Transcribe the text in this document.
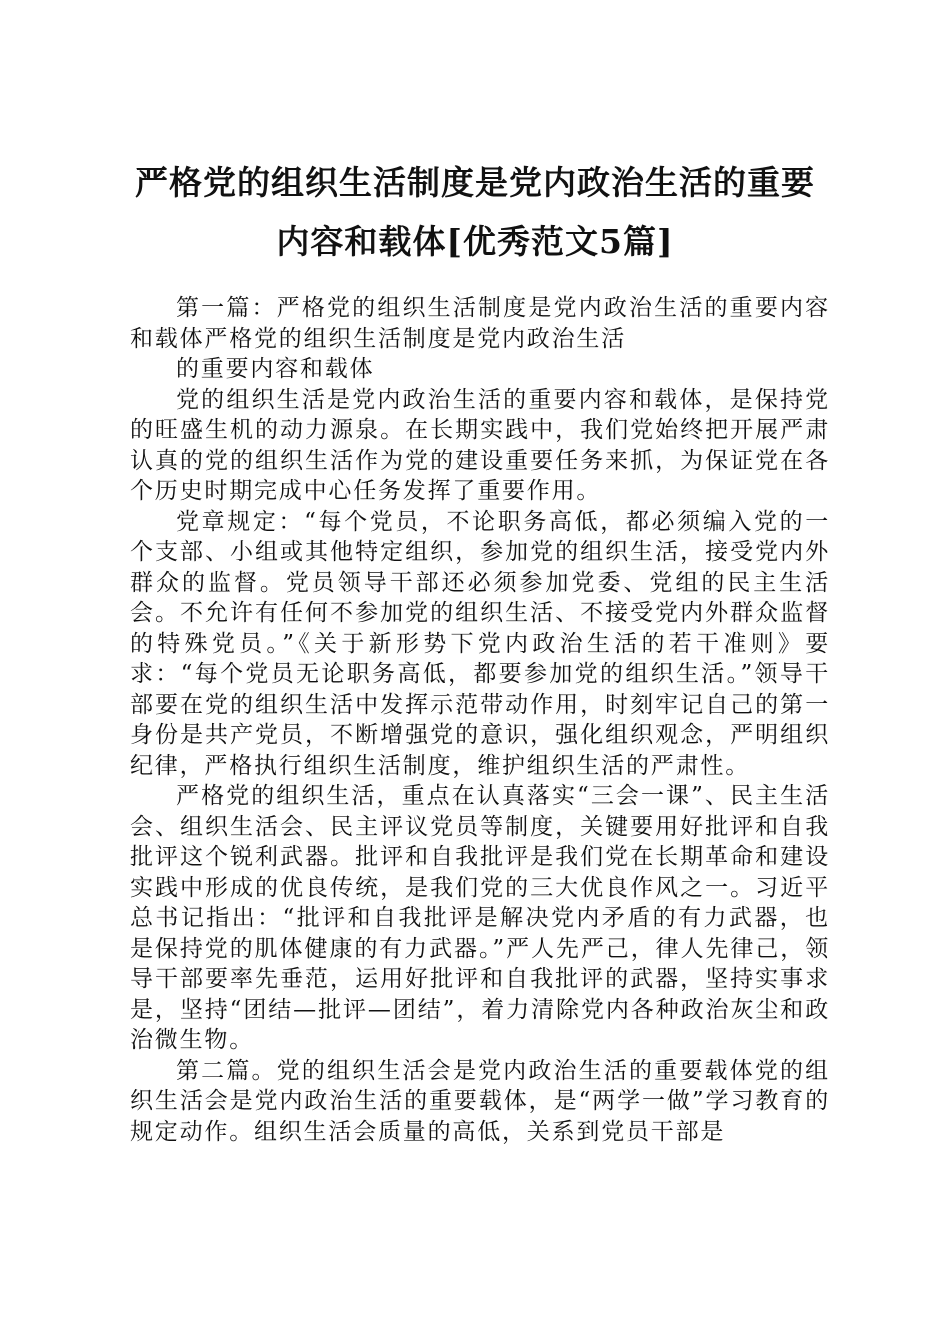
严格党的组织生活制度是党内政治生活的重要
内容和载体[优秀范文5篇]

第一篇：严格党的组织生活制度是党内政治生活的重要内容和载体严格党的组织生活制度是党内政治生活

的重要内容和载体

党的组织生活是党内政治生活的重要内容和载体，是保持党的旺盛生机的动力源泉。在长期实践中，我们党始终把开展严肃认真的党的组织生活作为党的建设重要任务来抓，为保证党在各个历史时期完成中心任务发挥了重要作用。

党章规定：“每个党员，不论职务高低，都必须编入党的一个支部、小组或其他特定组织，参加党的组织生活，接受党内外群众的监督。党员领导干部还必须参加党委、党组的民主生活会。不允许有任何不参加党的组织生活、不接受党内外群众监督的特殊党员。”《关于新形势下党内政治生活的若干准则》要求：“每个党员无论职务高低，都要参加党的组织生活。”领导干部要在党的组织生活中发挥示范带动作用，时刻牢记自己的第一身份是共产党员，不断增强党的意识，强化组织观念，严明组织纪律，严格执行组织生活制度，维护组织生活的严肃性。

严格党的组织生活，重点在认真落实“三会一课”、民主生活会、组织生活会、民主评议党员等制度，关键要用好批评和自我批评这个锐利武器。批评和自我批评是我们党在长期革命和建设实践中形成的优良传统，是我们党的三大优良作风之一。习近平总书记指出：“批评和自我批评是解决党内矛盾的有力武器，也是保持党的肌体健康的有力武器。”严人先严己，律人先律己，领导干部要率先垂范，运用好批评和自我批评的武器，坚持实事求是，坚持“团结—批评—团结”，着力清除党内各种政治灰尘和政治微生物。

第二篇。党的组织生活会是党内政治生活的重要载体党的组织生活会是党内政治生活的重要载体，是“两学一做”学习教育的规定动作。组织生活会质量的高低，关系到党员干部是
